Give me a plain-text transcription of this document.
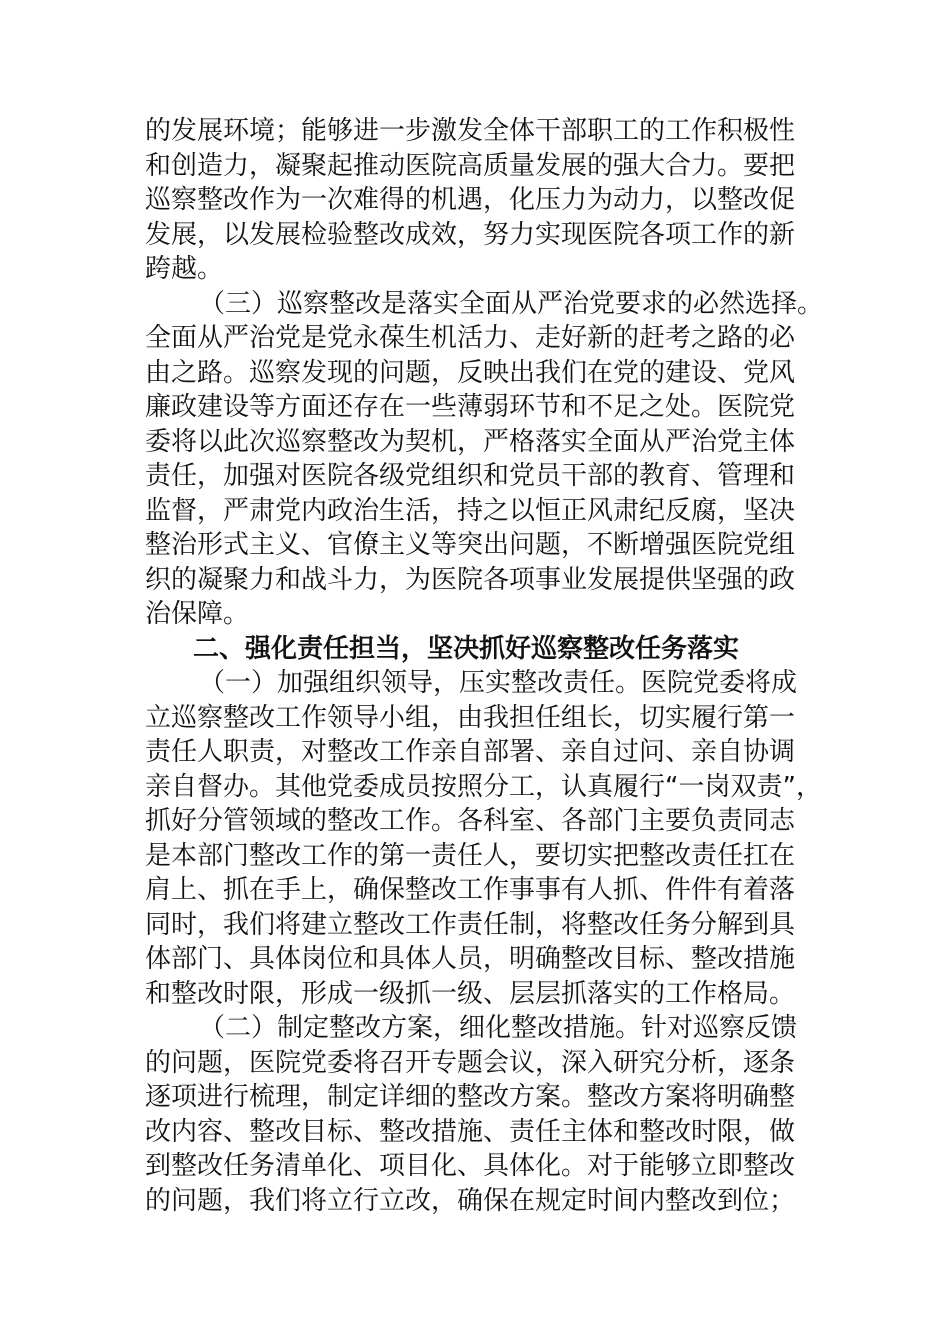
的发展环境；能够进一步激发全体干部职工的工作积极性
和创造力，凝聚起推动医院高质量发展的强大合力。要把
巡察整改作为一次难得的机遇，化压力为动力，以整改促
发展，以发展检验整改成效，努力实现医院各项工作的新
跨越。
（三）巡察整改是落实全面从严治党要求的必然选择。
全面从严治党是党永葆生机活力、走好新的赶考之路的必
由之路。巡察发现的问题，反映出我们在党的建设、党风
廉政建设等方面还存在一些薄弱环节和不足之处。医院党
委将以此次巡察整改为契机，严格落实全面从严治党主体
责任，加强对医院各级党组织和党员干部的教育、管理和
监督，严肃党内政治生活，持之以恒正风肃纪反腐，坚决
整治形式主义、官僚主义等突出问题，不断增强医院党组
织的凝聚力和战斗力，为医院各项事业发展提供坚强的政
治保障。
二、强化责任担当，坚决抓好巡察整改任务落实
（一）加强组织领导，压实整改责任。医院党委将成
立巡察整改工作领导小组，由我担任组长，切实履行第一
责任人职责，对整改工作亲自部署、亲自过问、亲自协调
亲自督办。其他党委成员按照分工，认真履行“一岗双责”，
抓好分管领域的整改工作。各科室、各部门主要负责同志
是本部门整改工作的第一责任人，要切实把整改责任扛在
肩上、抓在手上，确保整改工作事事有人抓、件件有着落
同时，我们将建立整改工作责任制，将整改任务分解到具
体部门、具体岗位和具体人员，明确整改目标、整改措施
和整改时限，形成一级抓一级、层层抓落实的工作格局。
（二）制定整改方案，细化整改措施。针对巡察反馈
的问题，医院党委将召开专题会议，深入研究分析，逐条
逐项进行梳理，制定详细的整改方案。整改方案将明确整
改内容、整改目标、整改措施、责任主体和整改时限，做
到整改任务清单化、项目化、具体化。对于能够立即整改
的问题，我们将立行立改，确保在规定时间内整改到位；
